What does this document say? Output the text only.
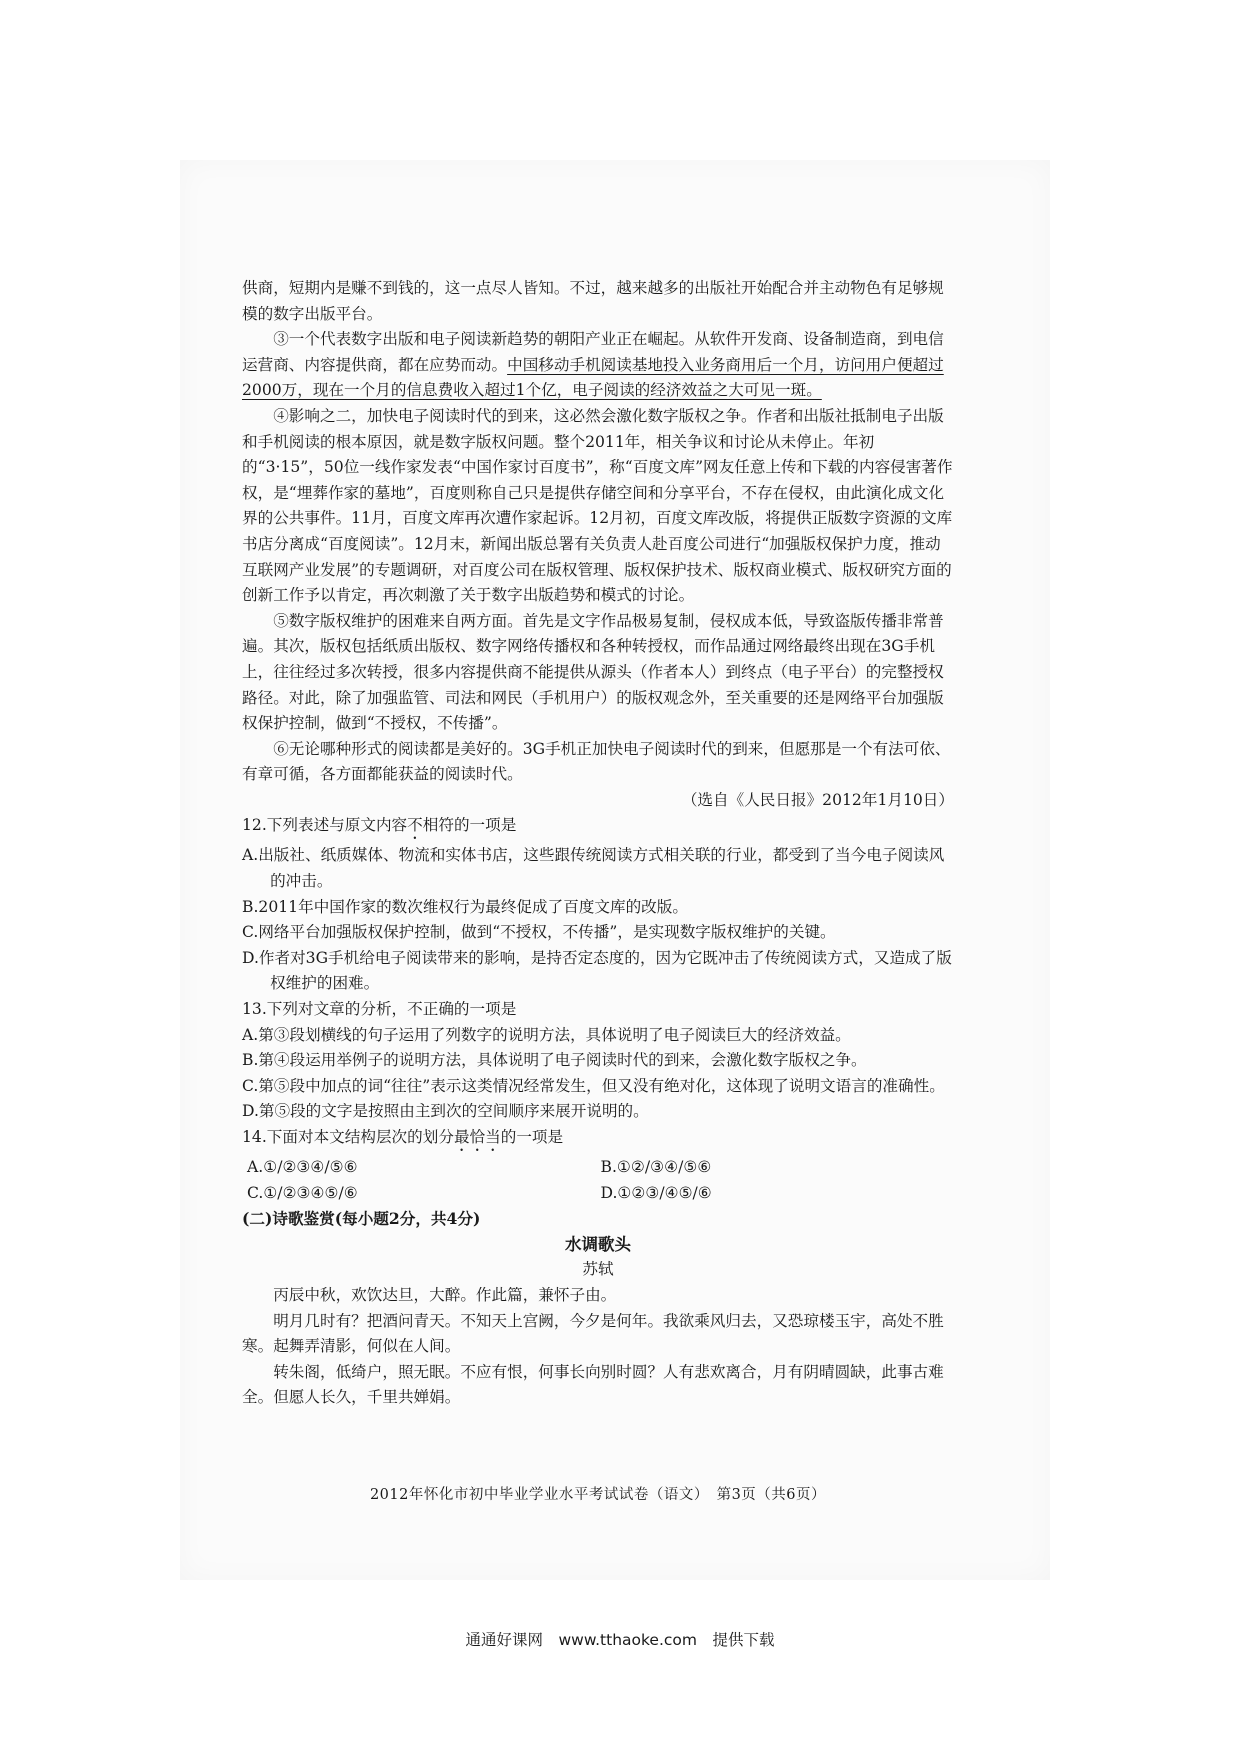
供商，短期内是赚不到钱的，这一点尽人皆知。不过，越来越多的出版社开始配合并主动物色有足够规模的数字出版平台。

③一个代表数字出版和电子阅读新趋势的朝阳产业正在崛起。从软件开发商、设备制造商，到电信运营商、内容提供商，都在应势而动。中国移动手机阅读基地投入业务商用后一个月，访问用户便超过2000万，现在一个月的信息费收入超过1个亿，电子阅读的经济效益之大可见一斑。

④影响之二，加快电子阅读时代的到来，这必然会激化数字版权之争。作者和出版社抵制电子出版和手机阅读的根本原因，就是数字版权问题。整个2011年，相关争议和讨论从未停止。年初的“3·15”，50位一线作家发表“中国作家讨百度书”，称“百度文库”网友任意上传和下载的内容侵害著作权，是“埋葬作家的墓地”，百度则称自己只是提供存储空间和分享平台，不存在侵权，由此演化成文化界的公共事件。11月，百度文库再次遭作家起诉。12月初，百度文库改版，将提供正版数字资源的文库书店分离成“百度阅读”。12月末，新闻出版总署有关负责人赴百度公司进行“加强版权保护力度，推动互联网产业发展”的专题调研，对百度公司在版权管理、版权保护技术、版权商业模式、版权研究方面的创新工作予以肯定，再次刺激了关于数字出版趋势和模式的讨论。

⑤数字版权维护的困难来自两方面。首先是文字作品极易复制，侵权成本低，导致盗版传播非常普遍。其次，版权包括纸质出版权、数字网络传播权和各种转授权，而作品通过网络最终出现在3G手机上，往往经过多次转授，很多内容提供商不能提供从源头（作者本人）到终点（电子平台）的完整授权路径。对此，除了加强监管、司法和网民（手机用户）的版权观念外，至关重要的还是网络平台加强版权保护控制，做到“不授权，不传播”。

⑥无论哪种形式的阅读都是美好的。3G手机正加快电子阅读时代的到来，但愿那是一个有法可依、有章可循，各方面都能获益的阅读时代。

（选自《人民日报》2012年1月10日）

12.下列表述与原文内容不相符的一项是

A.出版社、纸质媒体、物流和实体书店，这些跟传统阅读方式相关联的行业，都受到了当今电子阅读风的冲击。

B.2011年中国作家的数次维权行为最终促成了百度文库的改版。

C.网络平台加强版权保护控制，做到“不授权，不传播”，是实现数字版权维护的关键。

D.作者对3G手机给电子阅读带来的影响，是持否定态度的，因为它既冲击了传统阅读方式，又造成了版权维护的困难。

13.下列对文章的分析，不正确的一项是

A.第③段划横线的句子运用了列数字的说明方法，具体说明了电子阅读巨大的经济效益。

B.第④段运用举例子的说明方法，具体说明了电子阅读时代的到来，会激化数字版权之争。

C.第⑤段中加点的词“往往”表示这类情况经常发生，但又没有绝对化，这体现了说明文语言的准确性。

D.第⑤段的文字是按照由主到次的空间顺序来展开说明的。

14.下面对本文结构层次的划分最恰当的一项是

A.①/②③④/⑤⑥	B.①②/③④/⑤⑥
C.①/②③④⑤/⑥	D.①②③/④⑤/⑥

(二)诗歌鉴赏(每小题2分，共4分)

水调歌头

苏轼

丙辰中秋，欢饮达旦，大醉。作此篇，兼怀子由。

明月几时有？把酒问青天。不知天上宫阙，今夕是何年。我欲乘风归去，又恐琼楼玉宇，高处不胜寒。起舞弄清影，何似在人间。

转朱阁，低绮户，照无眠。不应有恨，何事长向别时圆？人有悲欢离合，月有阴晴圆缺，此事古难全。但愿人长久，千里共婵娟。

2012年怀化市初中毕业学业水平考试试卷（语文）　第3页（共6页）
通通好课网　www.tthaoke.com　提供下载
